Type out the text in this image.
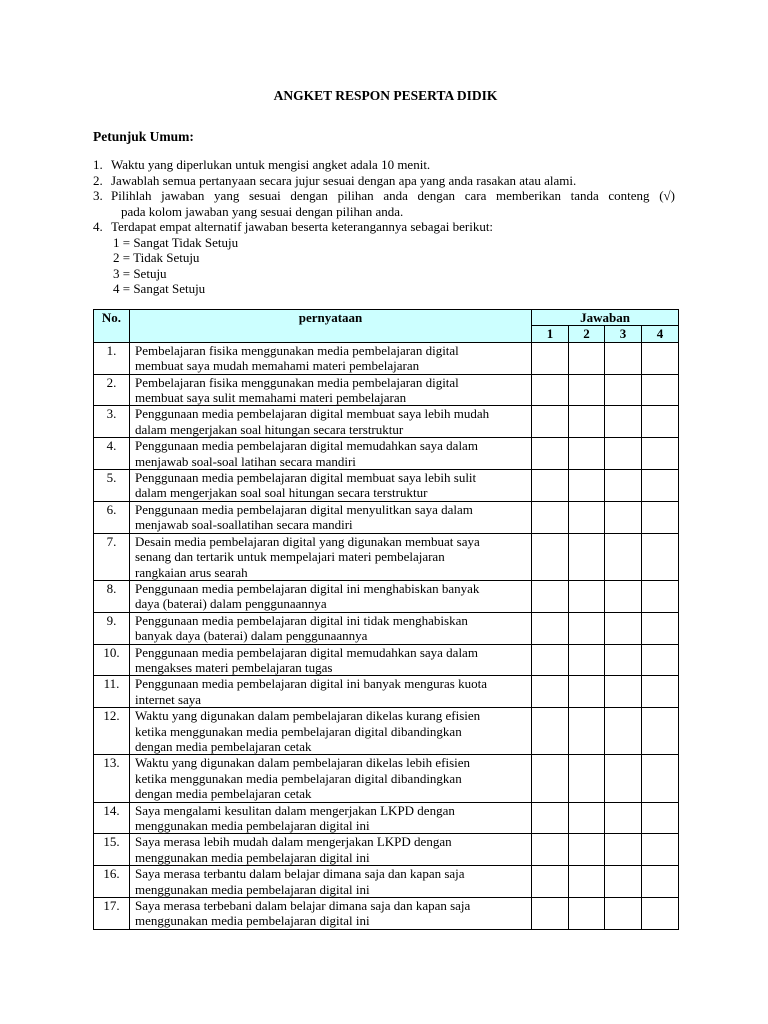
ANGKET RESPON PESERTA DIDIK
Petunjuk Umum:
1. Waktu yang diperlukan untuk mengisi angket adala 10 menit.
2. Jawablah semua pertanyaan secara jujur sesuai dengan apa yang anda rasakan atau alami.
3. Pilihlah jawaban yang sesuai dengan pilihan anda dengan cara memberikan tanda conteng (√)
pada kolom jawaban yang sesuai dengan pilihan anda.
4. Terdapat empat alternatif jawaban beserta keterangannya sebagai berikut:
1 = Sangat Tidak Setuju
2 = Tidak Setuju
3 = Setuju
4 = Sangat Setuju
No.	pernyataan	Jawaban			
		1	2	3	4
1.	Pembelajaran fisika menggunakan media pembelajaran digital
membuat saya mudah memahami materi pembelajaran				

2.	Pembelajaran fisika menggunakan media pembelajaran digital
membuat saya sulit memahami materi pembelajaran				

3.	Penggunaan media pembelajaran digital membuat saya lebih mudah
dalam mengerjakan soal hitungan secara terstruktur				

4.	Penggunaan media pembelajaran digital memudahkan saya dalam
menjawab soal-soal latihan secara mandiri				

5.	Penggunaan media pembelajaran digital membuat saya lebih sulit
dalam mengerjakan soal soal hitungan secara terstruktur				

6.	Penggunaan media pembelajaran digital menyulitkan saya dalam
menjawab soal-soallatihan secara mandiri				

7.	Desain media pembelajaran digital yang digunakan membuat saya
senang dan tertarik untuk mempelajari materi pembelajaran
rangkaian arus searah				

8.	Penggunaan media pembelajaran digital ini menghabiskan banyak
daya (baterai) dalam penggunaannya				

9.	Penggunaan media pembelajaran digital ini tidak menghabiskan
banyak daya (baterai) dalam penggunaannya				

10.	Penggunaan media pembelajaran digital memudahkan saya dalam
mengakses materi pembelajaran tugas				

11.	Penggunaan media pembelajaran digital ini banyak menguras kuota
internet saya				

12.	Waktu yang digunakan dalam pembelajaran dikelas kurang efisien
ketika menggunakan media pembelajaran digital dibandingkan
dengan media pembelajaran cetak				

13.	Waktu yang digunakan dalam pembelajaran dikelas lebih efisien
ketika menggunakan media pembelajaran digital dibandingkan
dengan media pembelajaran cetak				

14.	Saya mengalami kesulitan dalam mengerjakan LKPD dengan
menggunakan media pembelajaran digital ini				

15.	Saya merasa lebih mudah dalam mengerjakan LKPD dengan
menggunakan media pembelajaran digital ini				

16.	Saya merasa terbantu dalam belajar dimana saja dan kapan saja
menggunakan media pembelajaran digital ini				

17.	Saya merasa terbebani dalam belajar dimana saja dan kapan saja
menggunakan media pembelajaran digital ini				
